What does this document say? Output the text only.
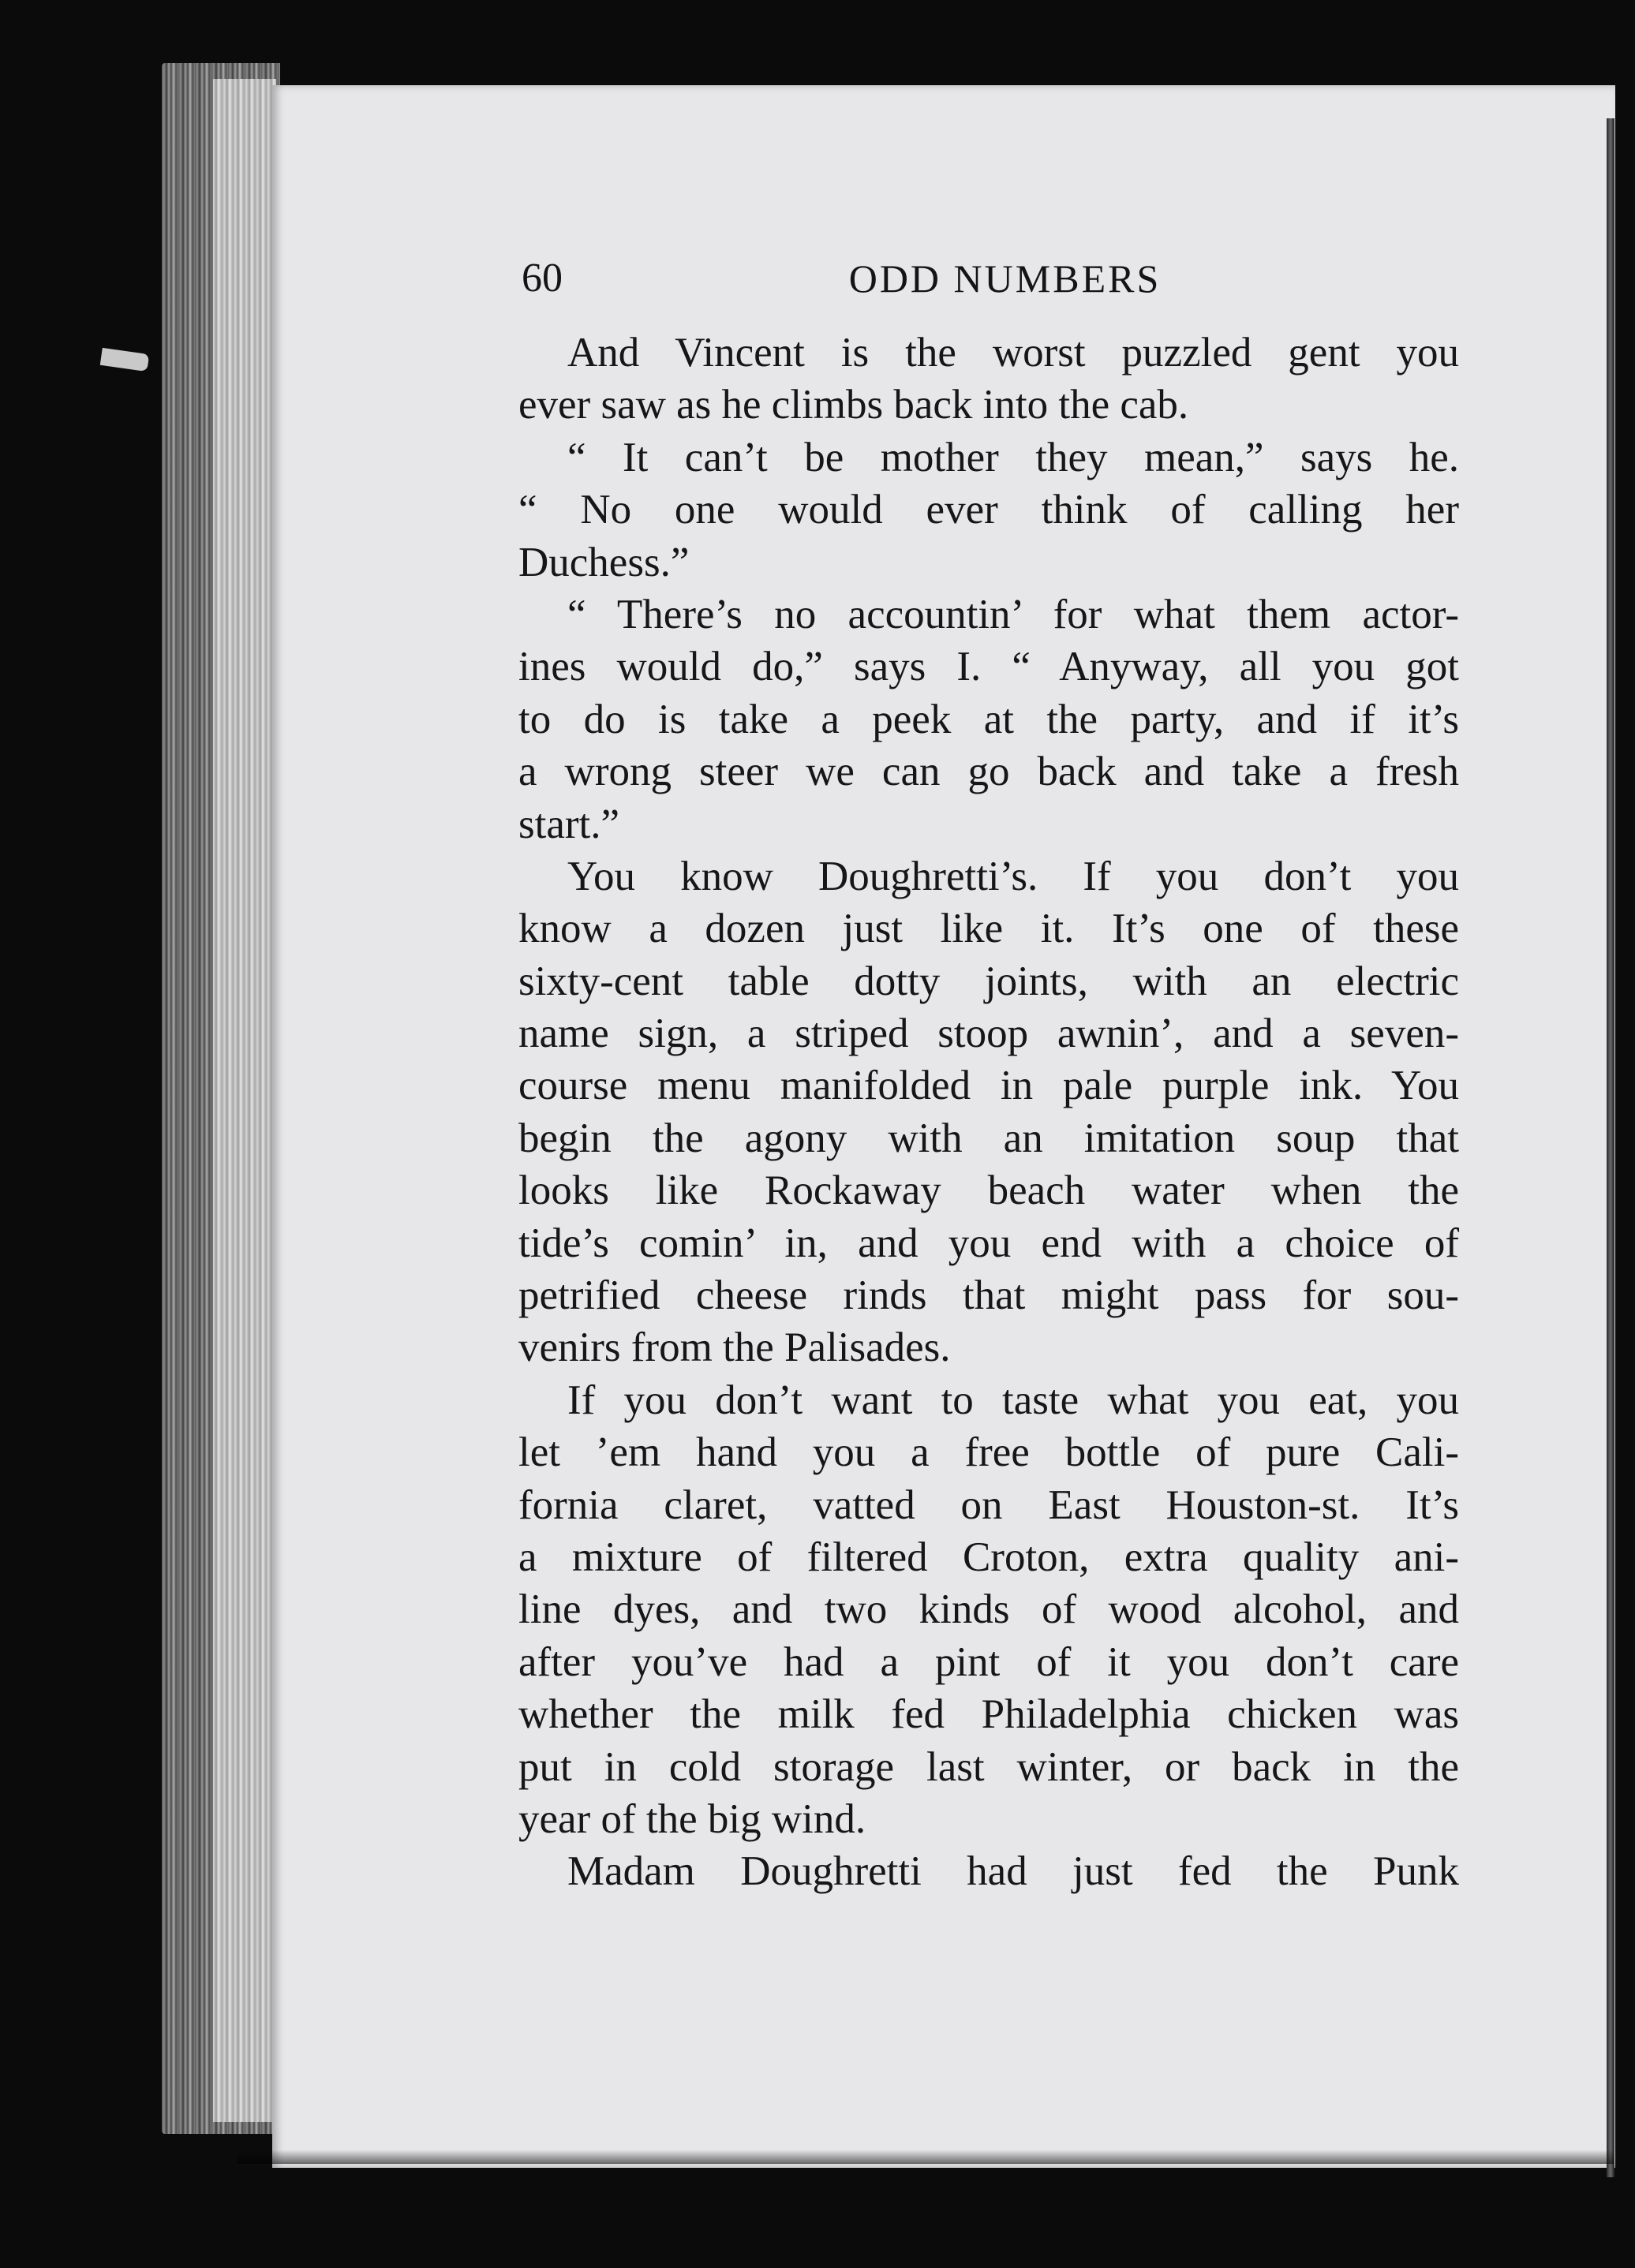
60	ODD NUMBERS
And Vincent is the worst puzzled gent you
ever saw as he climbs back into the cab.
“ It can’t be mother they mean,” says he.
“ No one would ever think of calling her
Duchess.”
“ There’s no accountin’ for what them actor-
ines would do,” says I. “ Anyway, all you got
to do is take a peek at the party, and if it’s
a wrong steer we can go back and take a fresh
start.”
You know Doughretti’s. If you don’t you
know a dozen just like it. It’s one of these
sixty-cent table dotty joints, with an electric
name sign, a striped stoop awnin’, and a seven-
course menu manifolded in pale purple ink. You
begin the agony with an imitation soup that
looks like Rockaway beach water when the
tide’s comin’ in, and you end with a choice of
petrified cheese rinds that might pass for sou-
venirs from the Palisades.
If you don’t want to taste what you eat, you
let ’em hand you a free bottle of pure Cali-
fornia claret, vatted on East Houston-st. It’s
a mixture of filtered Croton, extra quality ani-
line dyes, and two kinds of wood alcohol, and
after you’ve had a pint of it you don’t care
whether the milk fed Philadelphia chicken was
put in cold storage last winter, or back in the
year of the big wind.
Madam Doughretti had just fed the Punk
